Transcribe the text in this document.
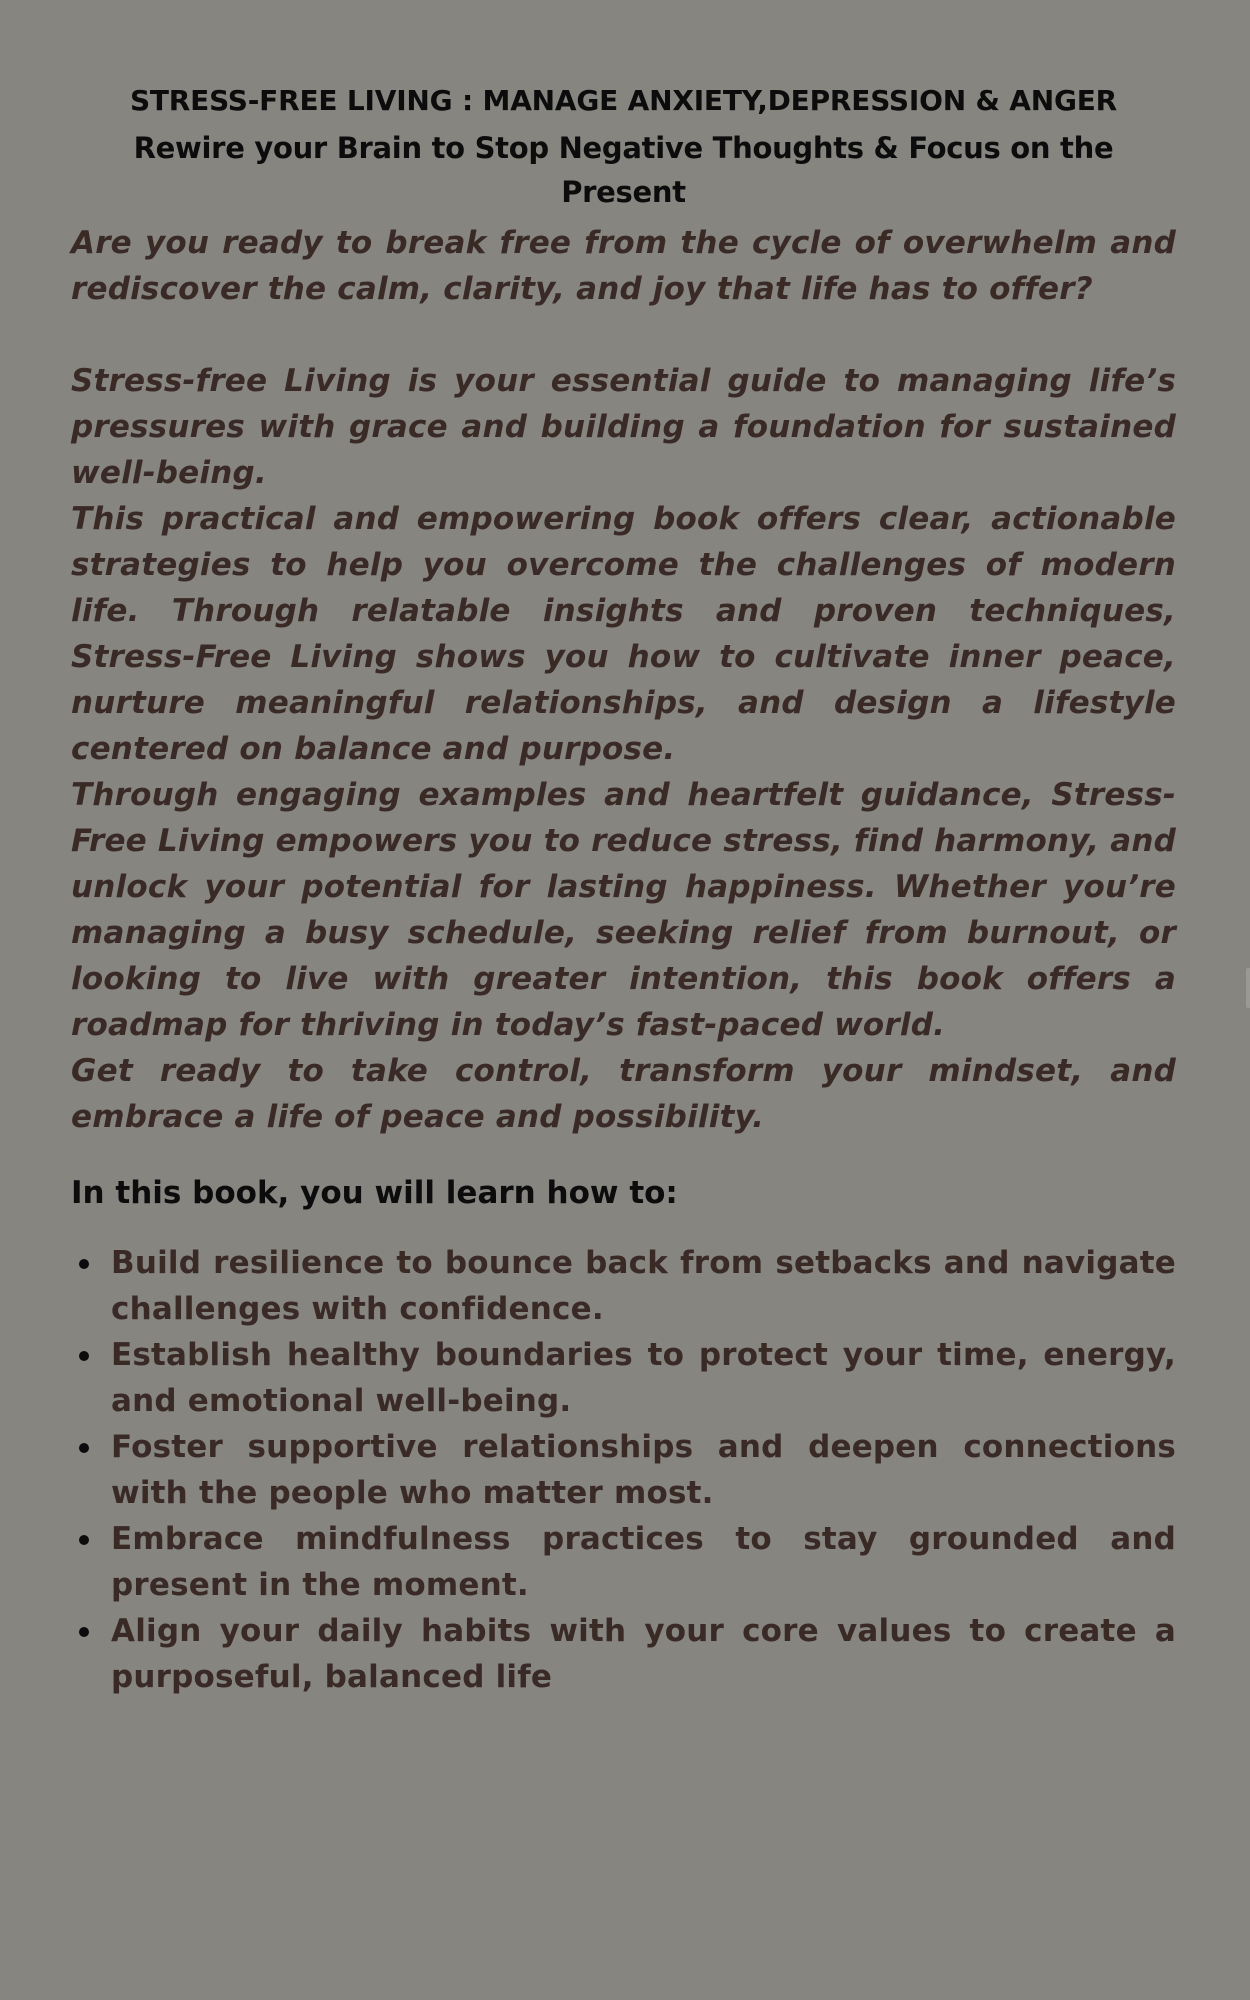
STRESS-FREE LIVING : MANAGE ANXIETY,DEPRESSION & ANGER
Rewire your Brain to Stop Negative Thoughts & Focus on the Present

Are you ready to break free from the cycle of overwhelm and rediscover the calm, clarity, and joy that life has to offer?

Stress-free Living is your essential guide to managing life’s pressures with grace and building a foundation for sustained well-being.

This practical and empowering book offers clear, actionable strategies to help you overcome the challenges of modern life. Through relatable insights and proven techniques, Stress-Free Living shows you how to cultivate inner peace, nurture meaningful relationships, and design a lifestyle centered on balance and purpose.

Through engaging examples and heartfelt guidance, Stress-Free Living empowers you to reduce stress, find harmony, and unlock your potential for lasting happiness. Whether you’re managing a busy schedule, seeking relief from burnout, or looking to live with greater intention, this book offers a roadmap for thriving in today’s fast-paced world.

Get ready to take control, transform your mindset, and embrace a life of peace and possibility.

In this book, you will learn how to:

Build resilience to bounce back from setbacks and navigate challenges with confidence.
Establish healthy boundaries to protect your time, energy, and emotional well-being.
Foster supportive relationships and deepen connections with the people who matter most.
Embrace mindfulness practices to stay grounded and present in the moment.
Align your daily habits with your core values to create a purposeful, balanced life
